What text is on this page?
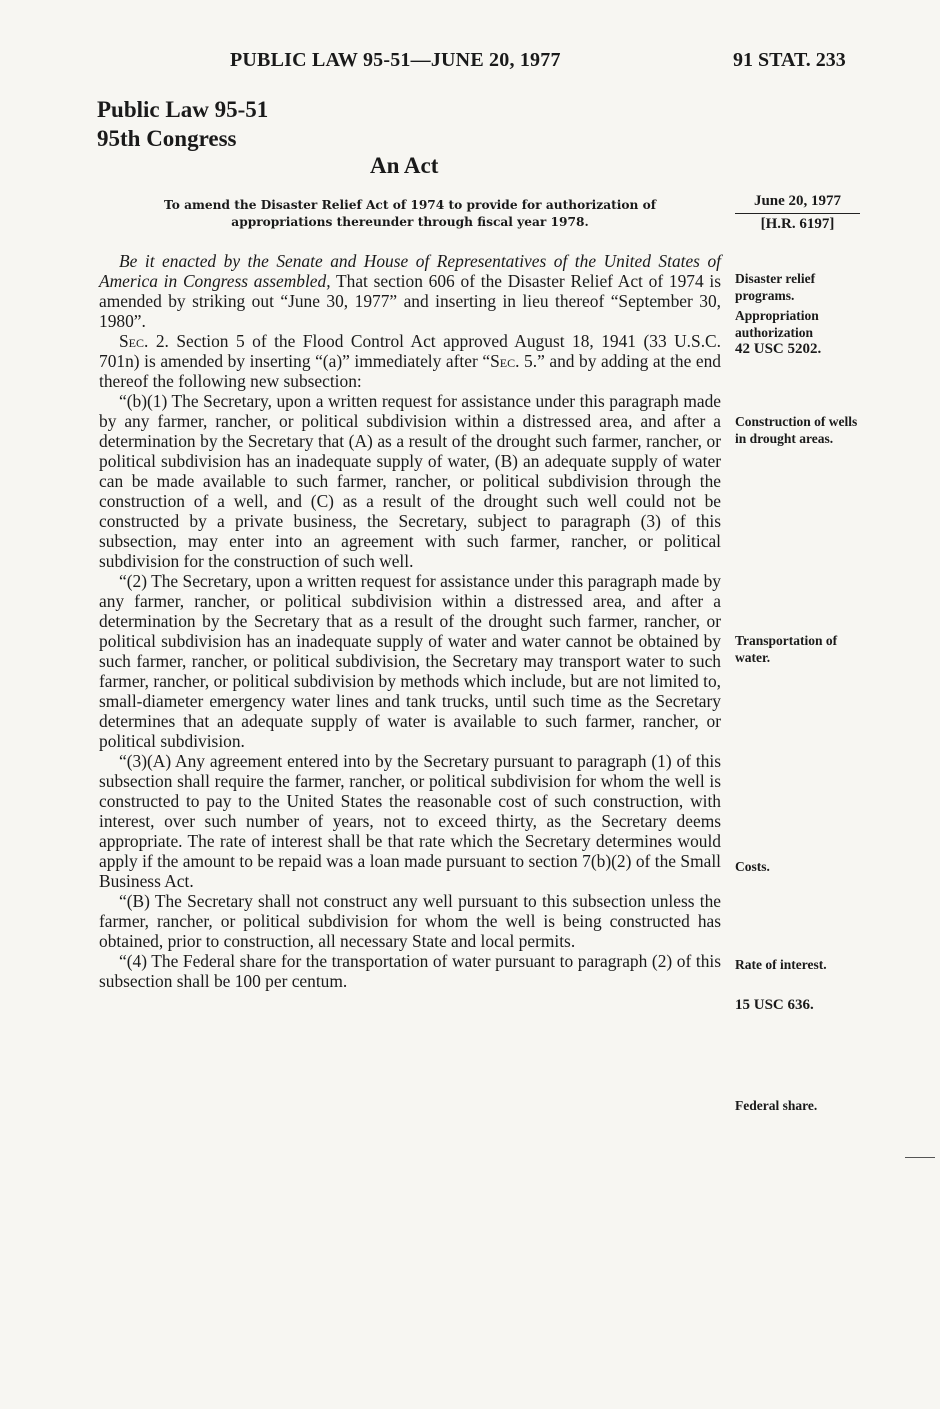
PUBLIC LAW 95-51—JUNE 20, 1977	91 STAT. 233
Public Law 95-51
95th Congress
An Act
To amend the Disaster Relief Act of 1974 to provide for authorization of
appropriations thereunder through fiscal year 1978.
June 20, 1977
[H.R. 6197]

Be it enacted by the Senate and House of Representatives of the United States of America in Congress assembled, That section 606 of the Disaster Relief Act of 1974 is amended by striking out “June 30, 1977” and inserting in lieu thereof “September 30, 1980”.

Sec. 2. Section 5 of the Flood Control Act approved August 18, 1941 (33 U.S.C. 701n) is amended by inserting “(a)” immediately after “Sec. 5.” and by adding at the end thereof the following new subsection:

“(b)(1) The Secretary, upon a written request for assistance under this paragraph made by any farmer, rancher, or political subdivision within a distressed area, and after a determination by the Secretary that (A) as a result of the drought such farmer, rancher, or political subdivision has an inadequate supply of water, (B) an adequate supply of water can be made available to such farmer, rancher, or political subdivision through the construction of a well, and (C) as a result of the drought such well could not be constructed by a private business, the Secretary, subject to paragraph (3) of this subsection, may enter into an agreement with such farmer, rancher, or political subdivision for the construction of such well.

“(2) The Secretary, upon a written request for assistance under this paragraph made by any farmer, rancher, or political subdivision within a distressed area, and after a determination by the Secretary that as a result of the drought such farmer, rancher, or political subdivision has an inadequate supply of water and water cannot be obtained by such farmer, rancher, or political subdivision, the Secretary may transport water to such farmer, rancher, or political subdivision by methods which include, but are not limited to, small-diameter emergency water lines and tank trucks, until such time as the Secretary determines that an adequate supply of water is available to such farmer, rancher, or political subdivision.

“(3)(A) Any agreement entered into by the Secretary pursuant to paragraph (1) of this subsection shall require the farmer, rancher, or political subdivision for whom the well is constructed to pay to the United States the reasonable cost of such construction, with interest, over such number of years, not to exceed thirty, as the Secretary deems appropriate. The rate of interest shall be that rate which the Secretary determines would apply if the amount to be repaid was a loan made pursuant to section 7(b)(2) of the Small Business Act.

“(B) The Secretary shall not construct any well pursuant to this subsection unless the farmer, rancher, or political subdivision for whom the well is being constructed has obtained, prior to construction, all necessary State and local permits.

“(4) The Federal share for the transportation of water pursuant to paragraph (2) of this subsection shall be 100 per centum.

Disaster relief programs.
Appropriation authorization
42 USC 5202.
Construction of wells in drought areas.
Transportation of water.
Costs.
Rate of interest.
15 USC 636.
Federal share.
